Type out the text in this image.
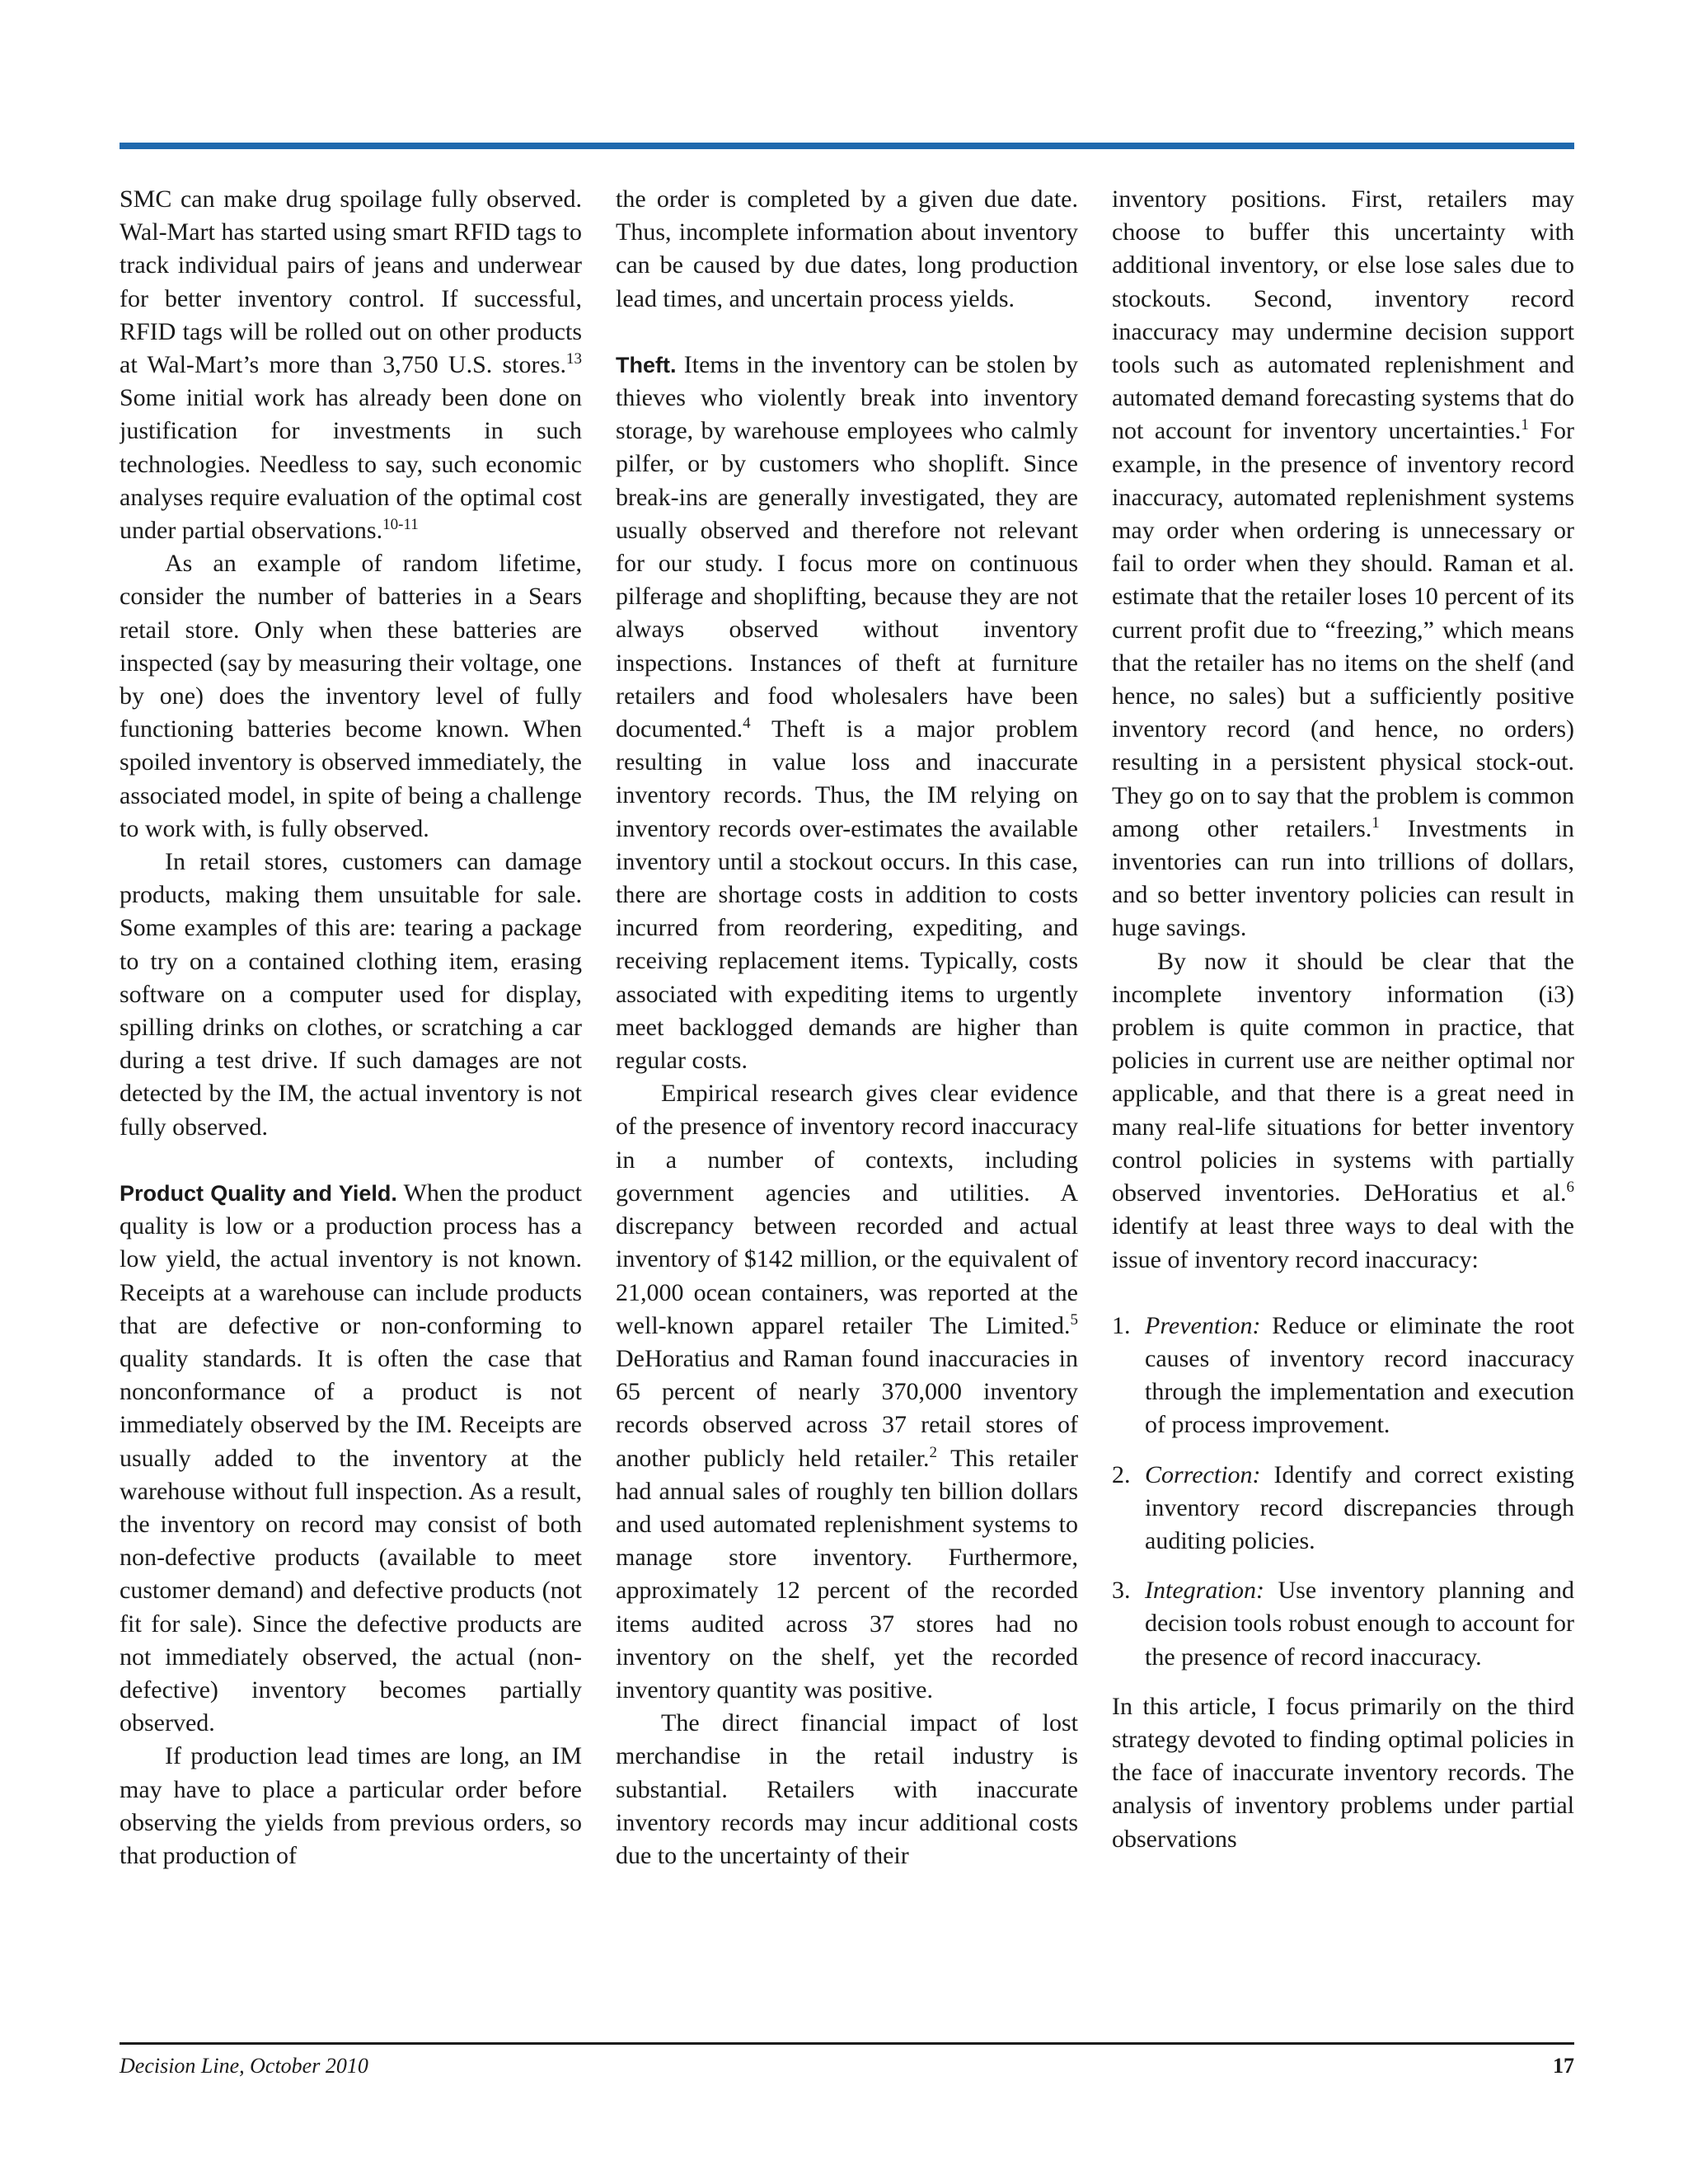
SMC can make drug spoilage fully observed. Wal-Mart has started using smart RFID tags to track individual pairs of jeans and underwear for better inventory control. If successful, RFID tags will be rolled out on other products at Wal-Mart’s more than 3,750 U.S. stores.$^{13}$ Some initial work has already been done on justification for investments in such technologies. Needless to say, such economic analyses require evaluation of the optimal cost under partial observations.$^{10-11}$

As an example of random lifetime, consider the number of batteries in a Sears retail store. Only when these batteries are inspected (say by measuring their voltage, one by one) does the inventory level of fully functioning batteries become known. When spoiled inventory is observed immediately, the associated model, in spite of being a challenge to work with, is fully observed.

In retail stores, customers can damage products, making them unsuitable for sale. Some examples of this are: tearing a package to try on a contained clothing item, erasing software on a computer used for display, spilling drinks on clothes, or scratching a car during a test drive. If such damages are not detected by the IM, the actual inventory is not fully observed.

Product Quality and Yield. When the product quality is low or a production process has a low yield, the actual inventory is not known. Receipts at a warehouse can include products that are defective or non-conforming to quality standards. It is often the case that nonconformance of a product is not immediately observed by the IM. Receipts are usually added to the inventory at the warehouse without full inspection. As a result, the inventory on record may consist of both non-defective products (available to meet customer demand) and defective products (not fit for sale). Since the defective products are not immediately observed, the actual (non-defective) inventory becomes partially observed.

If production lead times are long, an IM may have to place a particular order before observing the yields from previous orders, so that production of

the order is completed by a given due date. Thus, incomplete information about inventory can be caused by due dates, long production lead times, and uncertain process yields.

Theft. Items in the inventory can be stolen by thieves who violently break into inventory storage, by warehouse employees who calmly pilfer, or by customers who shoplift. Since break-ins are generally investigated, they are usually observed and therefore not relevant for our study. I focus more on continuous pilferage and shoplifting, because they are not always observed without inventory inspections. Instances of theft at furniture retailers and food wholesalers have been documented.$^4$ Theft is a major problem resulting in value loss and inaccurate inventory records. Thus, the IM relying on inventory records over-estimates the available inventory until a stockout occurs. In this case, there are shortage costs in addition to costs incurred from reordering, expediting, and receiving replacement items. Typically, costs associated with expediting items to urgently meet backlogged demands are higher than regular costs.

Empirical research gives clear evidence of the presence of inventory record inaccuracy in a number of contexts, including government agencies and utilities. A discrepancy between recorded and actual inventory of $142 million, or the equivalent of 21,000 ocean containers, was reported at the well-known apparel retailer The Limited.$^5$ DeHoratius and Raman found inaccuracies in 65 percent of nearly 370,000 inventory records observed across 37 retail stores of another publicly held retailer.$^2$ This retailer had annual sales of roughly ten billion dollars and used automated replenishment systems to manage store inventory. Furthermore, approximately 12 percent of the recorded items audited across 37 stores had no inventory on the shelf, yet the recorded inventory quantity was positive.

The direct financial impact of lost merchandise in the retail industry is substantial. Retailers with inaccurate inventory records may incur additional costs due to the uncertainty of their

inventory positions. First, retailers may choose to buffer this uncertainty with additional inventory, or else lose sales due to stockouts. Second, inventory record inaccuracy may undermine decision support tools such as automated replenishment and automated demand forecasting systems that do not account for inventory uncertainties.$^1$ For example, in the presence of inventory record inaccuracy, automated replenishment systems may order when ordering is unnecessary or fail to order when they should. Raman et al. estimate that the retailer loses 10 percent of its current profit due to “freezing,” which means that the retailer has no items on the shelf (and hence, no sales) but a sufficiently positive inventory record (and hence, no orders) resulting in a persistent physical stock-out. They go on to say that the problem is common among other retailers.$^1$ Investments in inventories can run into trillions of dollars, and so better inventory policies can result in huge savings.

By now it should be clear that the incomplete inventory information (i3) problem is quite common in practice, that policies in current use are neither optimal nor applicable, and that there is a great need in many real-life situations for better inventory control policies in systems with partially observed inventories. DeHoratius et al.$^6$ identify at least three ways to deal with the issue of inventory record inaccuracy:

1. Prevention: Reduce or eliminate the root causes of inventory record inaccuracy through the implementation and execution of process improvement.
2. Correction: Identify and correct existing inventory record discrepancies through auditing policies.
3. Integration: Use inventory planning and decision tools robust enough to account for the presence of record inaccuracy.

In this article, I focus primarily on the third strategy devoted to finding optimal policies in the face of inaccurate inventory records. The analysis of inventory problems under partial observations

Decision Line, October 2010	17
